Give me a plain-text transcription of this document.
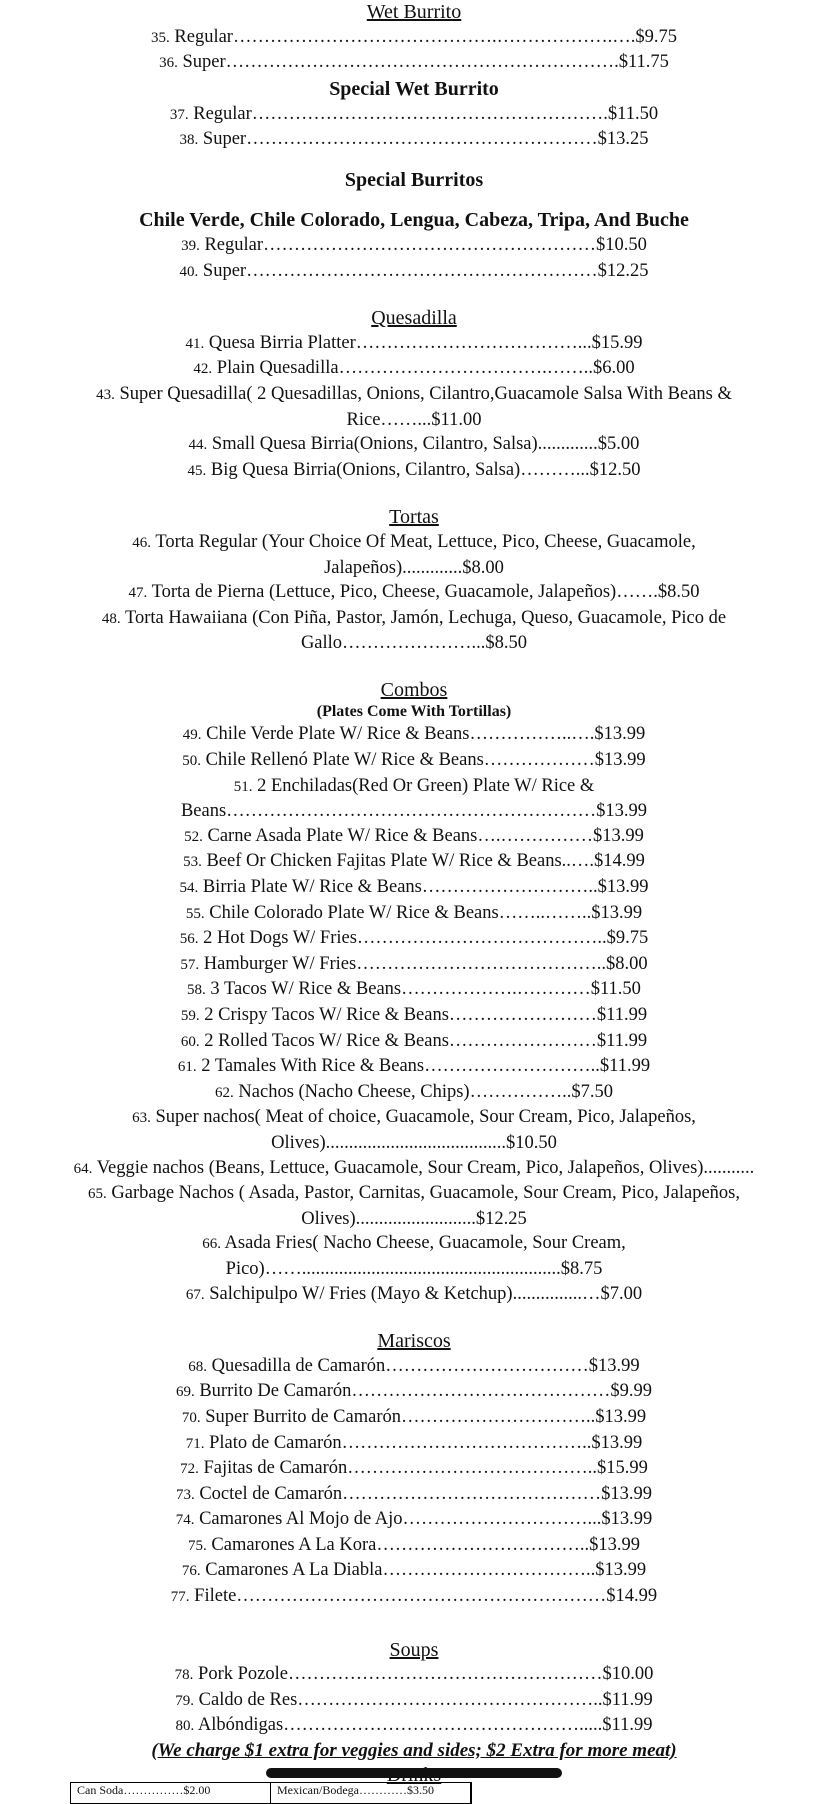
Wet Burrito
35. Regular…………………………………….……………….….$9.75
36. Super……………………………………………………….$11.75
Special Wet Burrito
37. Regular………………………………………………….$11.50
38. Super…………………………………………………$13.25
Special Burritos
Chile Verde, Chile Colorado, Lengua, Cabeza, Tripa, And Buche
39. Regular………………………………………………$10.50
40. Super…………………………………………………$12.25
Quesadilla
41. Quesa Birria Platter………………………………...$15.99
42. Plain Quesadilla…………………………….……..$6.00
43. Super Quesadilla( 2 Quesadillas, Onions, Cilantro,Guacamole Salsa With Beans & Rice……...$11.00
44. Small Quesa Birria(Onions, Cilantro, Salsa).............$5.00
45. Big Quesa Birria(Onions, Cilantro, Salsa)………...$12.50
Tortas
46. Torta Regular (Your Choice Of Meat, Lettuce, Pico, Cheese, Guacamole, Jalapeños).............$8.00
47. Torta de Pierna (Lettuce, Pico, Cheese, Guacamole, Jalapeños)…….$8.50
48. Torta Hawaiiana (Con Piña, Pastor, Jamón, Lechuga, Queso, Guacamole, Pico de Gallo…………………...$8.50
Combos
(Plates Come With Tortillas)
49. Chile Verde Plate W/ Rice & Beans……………..….$13.99
50. Chile Rellenó Plate W/ Rice & Beans………………$13.99
51. 2 Enchiladas(Red Or Green) Plate W/ Rice & Beans……………………………………………………$13.99
52. Carne Asada Plate W/ Rice & Beans….……………$13.99
53. Beef Or Chicken Fajitas Plate W/ Rice & Beans..….$14.99
54. Birria Plate W/ Rice & Beans………………………..$13.99
55. Chile Colorado Plate W/ Rice & Beans……..……..$13.99
56. 2 Hot Dogs W/ Fries…………………………………..$9.75
57. Hamburger W/ Fries…………………………………..$8.00
58. 3 Tacos W/ Rice & Beans……………….…………$11.50
59. 2 Crispy Tacos W/ Rice & Beans……………………$11.99
60. 2 Rolled Tacos W/ Rice & Beans……………………$11.99
61. 2 Tamales With Rice & Beans………………………..$11.99
62. Nachos (Nacho Cheese, Chips)……………..$7.50
63. Super nachos( Meat of choice, Guacamole, Sour Cream, Pico, Jalapeños, Olives).......................................$10.50
64. Veggie nachos (Beans, Lettuce, Guacamole, Sour Cream, Pico, Jalapeños, Olives)...........
65. Garbage Nachos ( Asada, Pastor, Carnitas, Guacamole, Sour Cream, Pico, Jalapeños, Olives)..........................$12.25
66. Asada Fries( Nacho Cheese, Guacamole, Sour Cream, Pico)……........................................................$8.75
67. Salchipulpo W/ Fries (Mayo & Ketchup)...............…$7.00
Mariscos
68. Quesadilla de Camarón……………………………$13.99
69. Burrito De Camarón……………………………………$9.99
70. Super Burrito de Camarón…………………………..$13.99
71. Plato de Camarón…………………………………..$13.99
72. Fajitas de Camarón…………………………………..$15.99
73. Coctel de Camarón……………………………………$13.99
74. Camarones Al Mojo de Ajo…………………………...$13.99
75. Camarones A La Kora……………………………..$13.99
76. Camarones A La Diabla……………………………..$13.99
77. Filete……………………………………………………$14.99
Soups
78. Pork Pozole……………………………………………$10.00
79. Caldo de Res…………………………………………..$11.99
80. Albóndigas………………………………………….....$11.99
(We charge $1 extra for veggies and sides; $2 Extra for more meat)
Can Soda……………$2.00	Mexican/Bodega…………$3.50
